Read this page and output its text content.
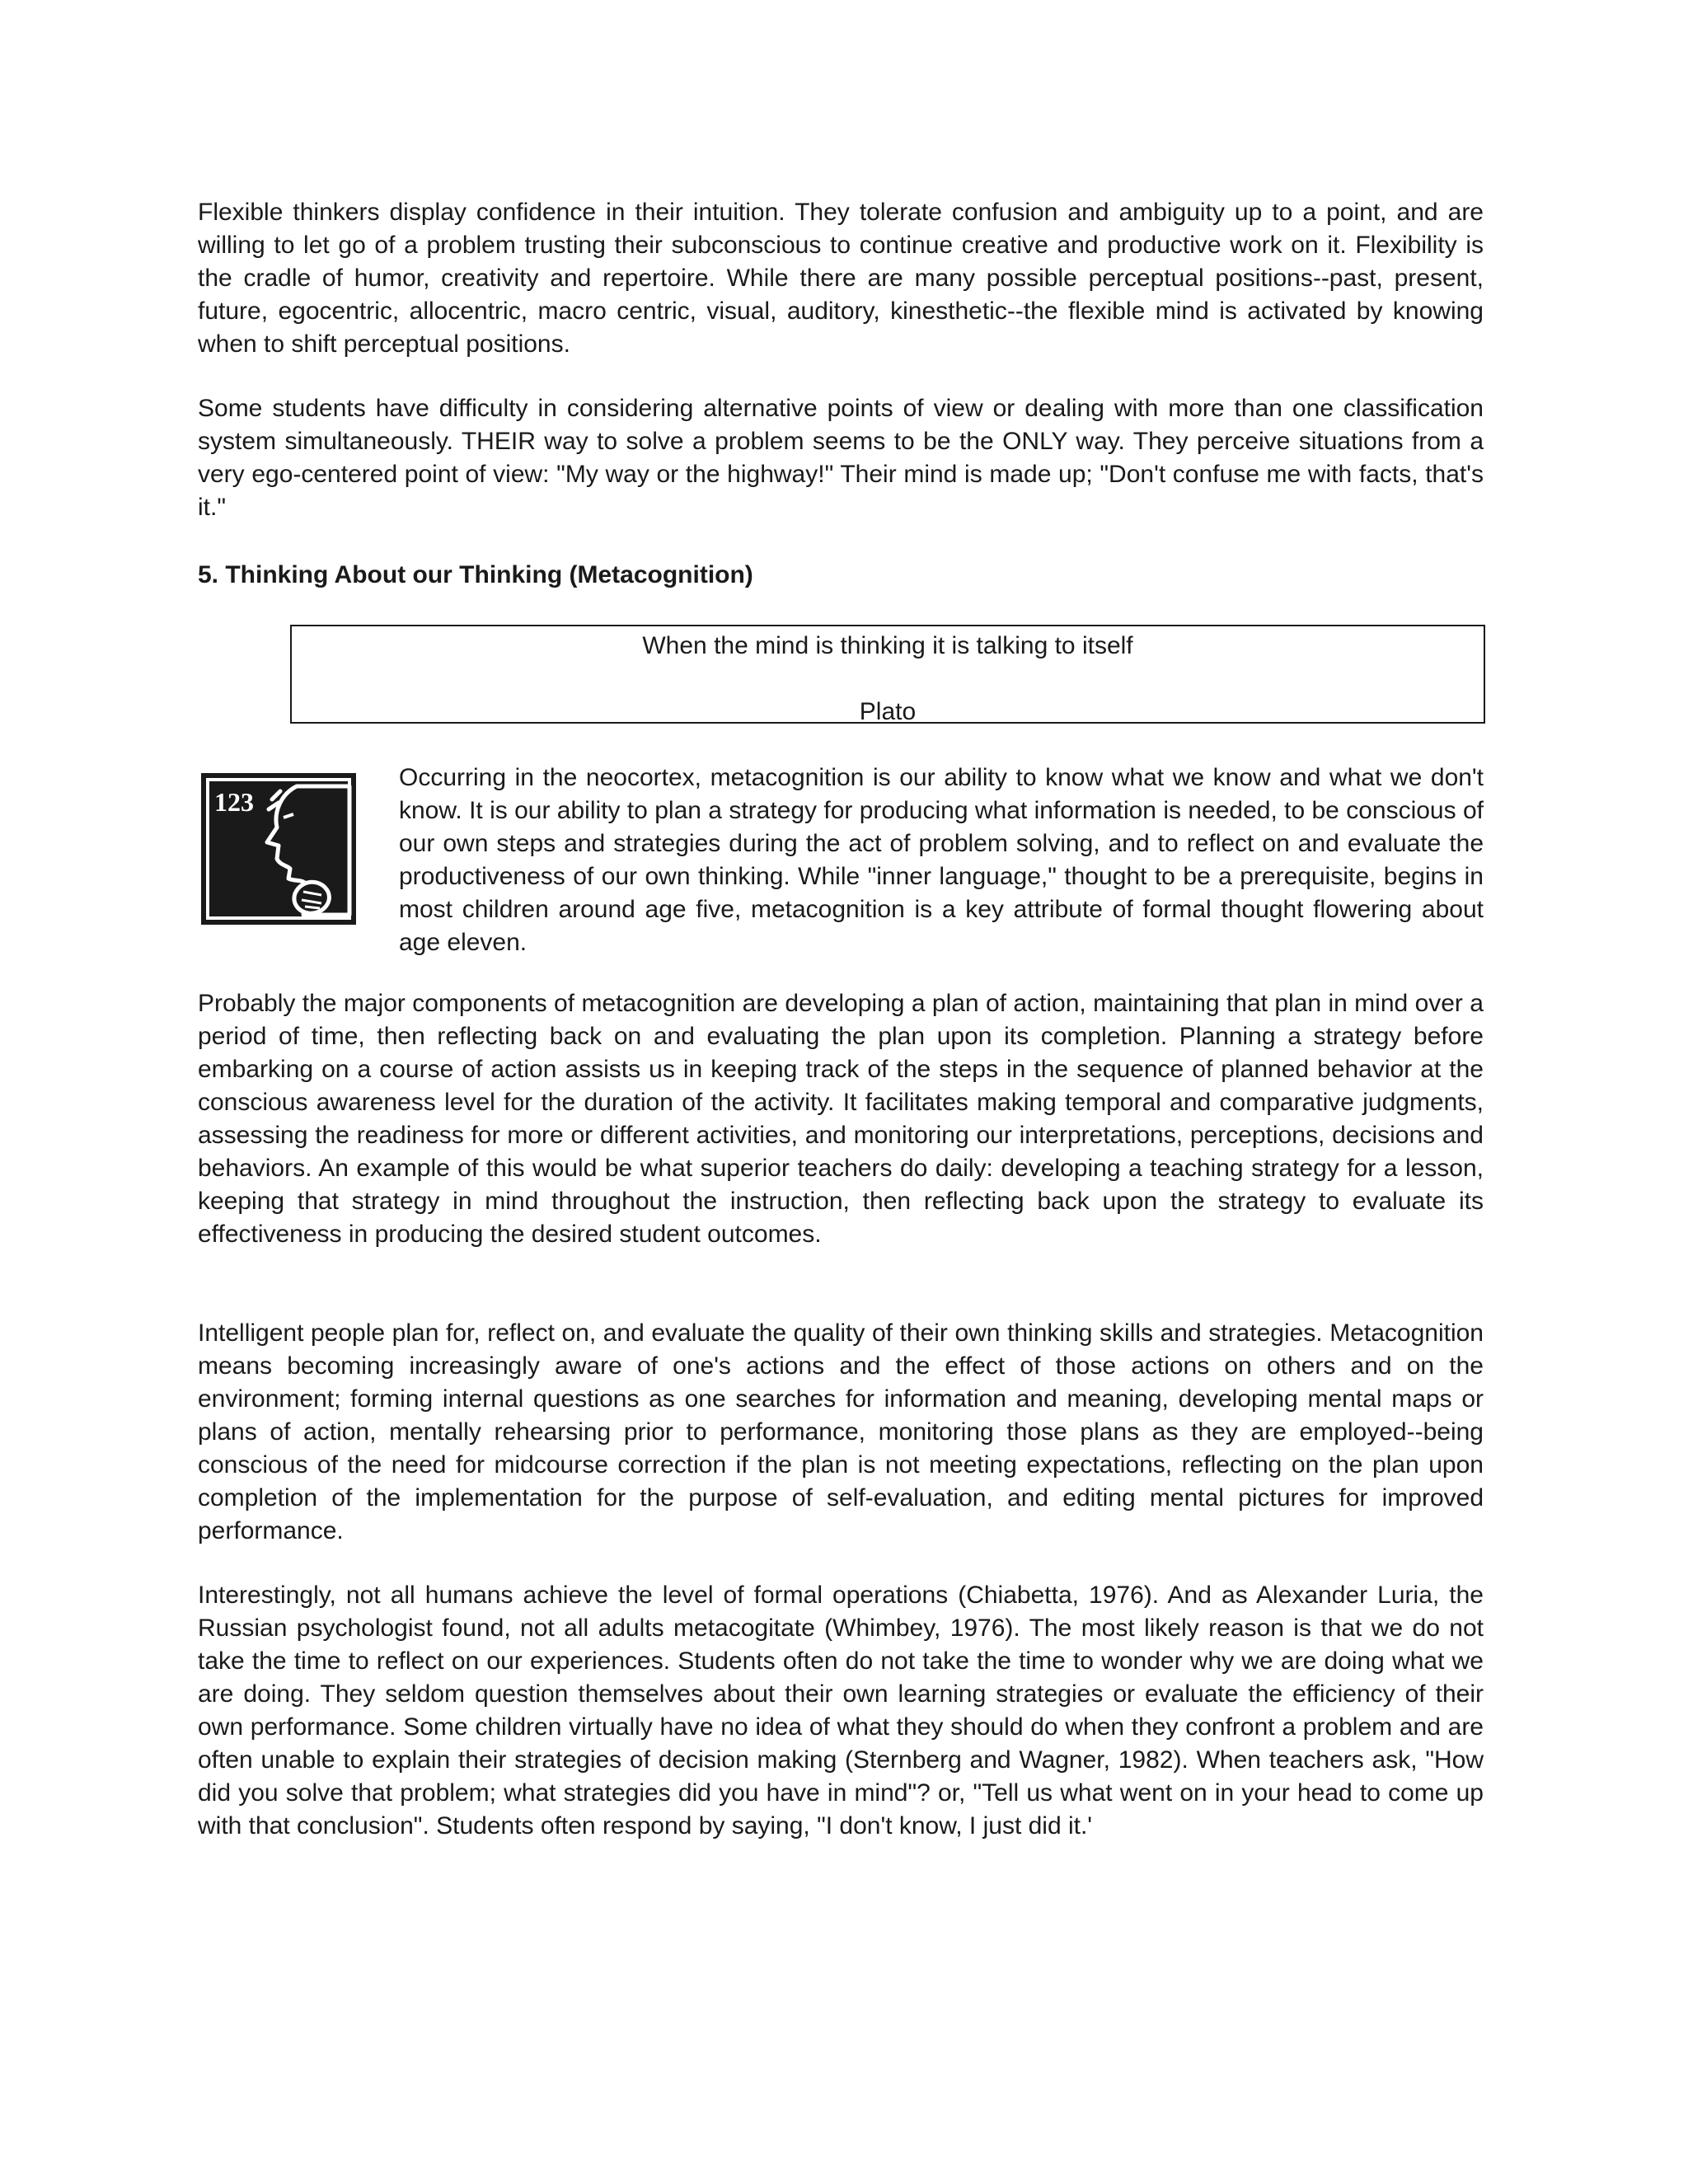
Flexible thinkers display confidence in their intuition. They tolerate confusion and ambiguity up to a point, and are willing to let go of a problem trusting their subconscious to continue creative and productive work on it. Flexibility is the cradle of humor, creativity and repertoire. While there are many possible perceptual positions--past, present, future, egocentric, allocentric, macro centric, visual, auditory, kinesthetic--the flexible mind is activated by knowing when to shift perceptual positions.

Some students have difficulty in considering alternative points of view or dealing with more than one classification system simultaneously. THEIR way to solve a problem seems to be the ONLY way. They perceive situations from a very ego-centered point of view: "My way or the highway!" Their mind is made up; "Don't confuse me with facts, that's it."

5. Thinking About our Thinking (Metacognition)
When the mind is thinking it is talking to itself
Plato
123

Occurring in the neocortex, metacognition is our ability to know what we know and what we don't know. It is our ability to plan a strategy for producing what information is needed, to be conscious of our own steps and strategies during the act of problem solving, and to reflect on and evaluate the productiveness of our own thinking. While "inner language," thought to be a prerequisite, begins in most children around age five, metacognition is a key attribute of formal thought flowering about age eleven.

Probably the major components of metacognition are developing a plan of action, maintaining that plan in mind over a period of time, then reflecting back on and evaluating the plan upon its completion. Planning a strategy before embarking on a course of action assists us in keeping track of the steps in the sequence of planned behavior at the conscious awareness level for the duration of the activity. It facilitates making temporal and comparative judgments, assessing the readiness for more or different activities, and monitoring our interpretations, perceptions, decisions and behaviors. An example of this would be what superior teachers do daily: developing a teaching strategy for a lesson, keeping that strategy in mind throughout the instruction, then reflecting back upon the strategy to evaluate its effectiveness in producing the desired student outcomes.

Intelligent people plan for, reflect on, and evaluate the quality of their own thinking skills and strategies. Metacognition means becoming increasingly aware of one's actions and the effect of those actions on others and on the environment; forming internal questions as one searches for information and meaning, developing mental maps or plans of action, mentally rehearsing prior to performance, monitoring those plans as they are employed--being conscious of the need for midcourse correction if the plan is not meeting expectations, reflecting on the plan upon completion of the implementation for the purpose of self-evaluation, and editing mental pictures for improved performance.

Interestingly, not all humans achieve the level of formal operations (Chiabetta, 1976). And as Alexander Luria, the Russian psychologist found, not all adults metacogitate (Whimbey, 1976). The most likely reason is that we do not take the time to reflect on our experiences. Students often do not take the time to wonder why we are doing what we are doing. They seldom question themselves about their own learning strategies or evaluate the efficiency of their own performance. Some children virtually have no idea of what they should do when they confront a problem and are often unable to explain their strategies of decision making (Sternberg and Wagner, 1982). When teachers ask, "How did you solve that problem; what strategies did you have in mind"? or, "Tell us what went on in your head to come up with that conclusion". Students often respond by saying, "I don't know, I just did it.'
